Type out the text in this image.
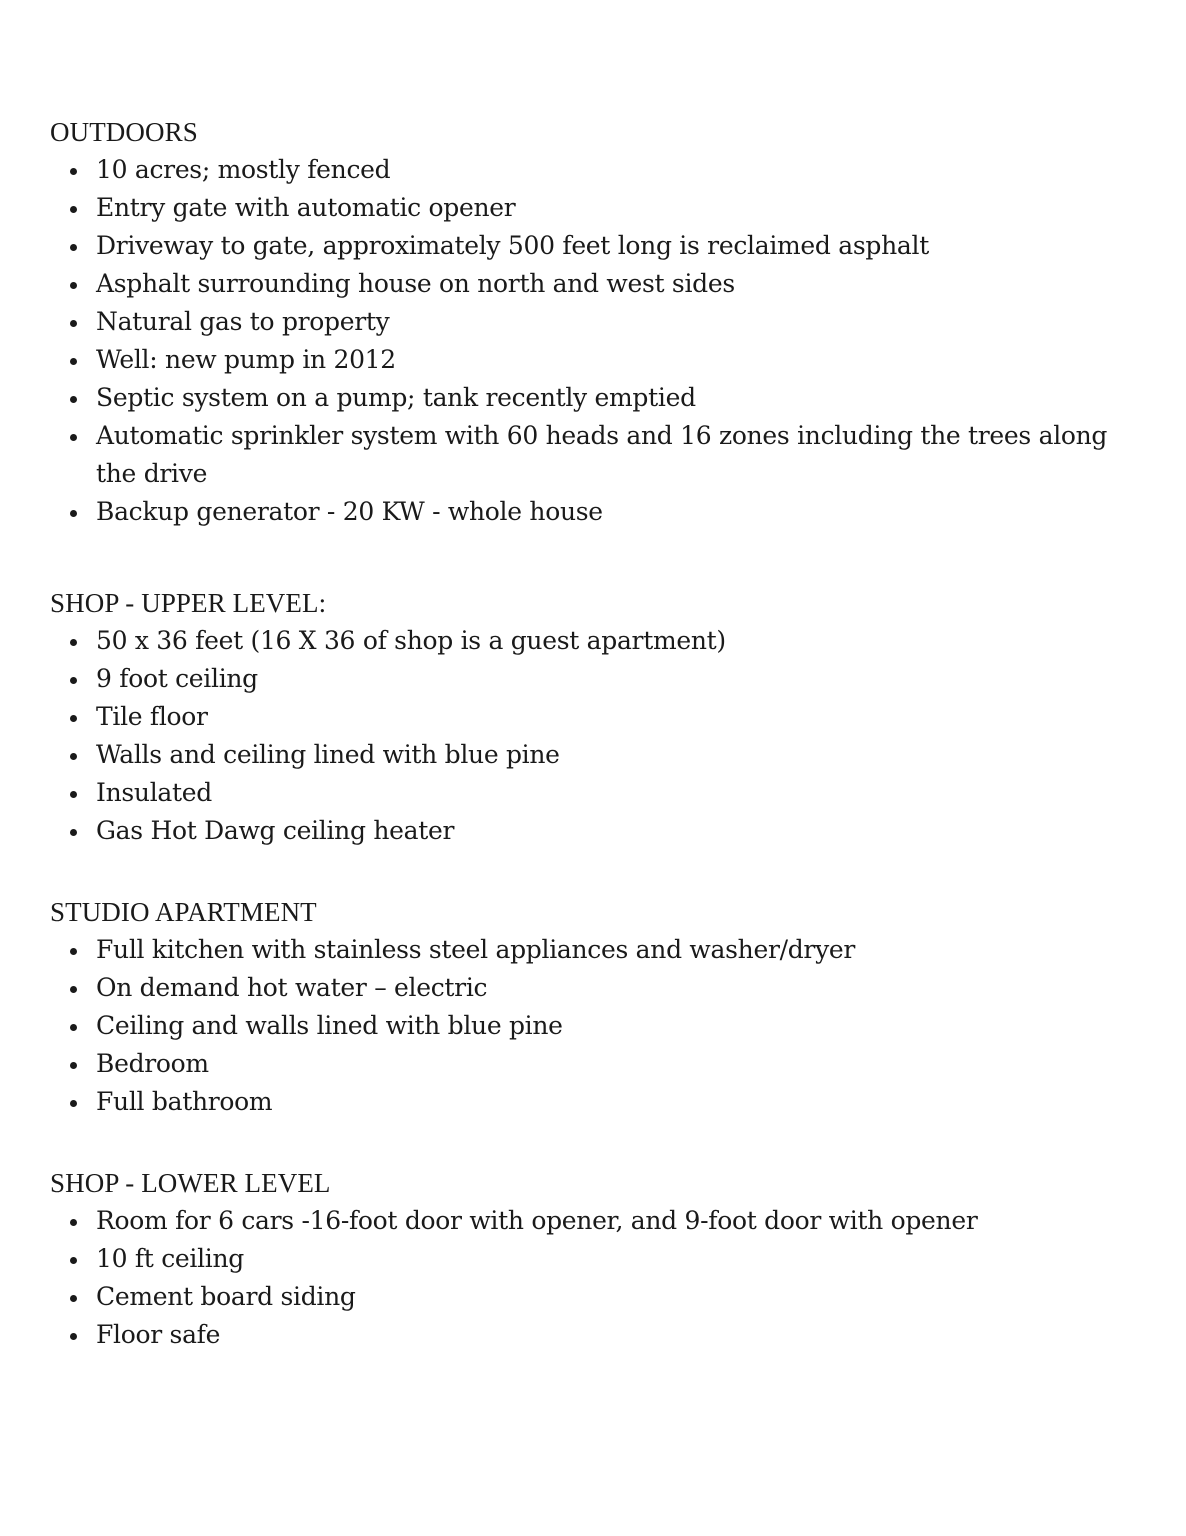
OUTDOORS
10 acres; mostly fenced
Entry gate with automatic opener
Driveway to gate, approximately 500 feet long is reclaimed asphalt
Asphalt surrounding house on north and west sides
Natural gas to property
Well: new pump in 2012
Septic system on a pump; tank recently emptied
Automatic sprinkler system with 60 heads and 16 zones including the trees along the drive
Backup generator - 20 KW - whole house
SHOP - UPPER LEVEL:
50 x 36 feet (16 X 36 of shop is a guest apartment)
9 foot ceiling
Tile floor
Walls and ceiling lined with blue pine
Insulated
Gas Hot Dawg ceiling heater
STUDIO APARTMENT
Full kitchen with stainless steel appliances and washer/dryer
On demand hot water – electric
Ceiling and walls lined with blue pine
Bedroom
Full bathroom
SHOP - LOWER LEVEL
Room for 6 cars -16-foot door with opener, and 9-foot door with opener
10 ft ceiling
Cement board siding
Floor safe
